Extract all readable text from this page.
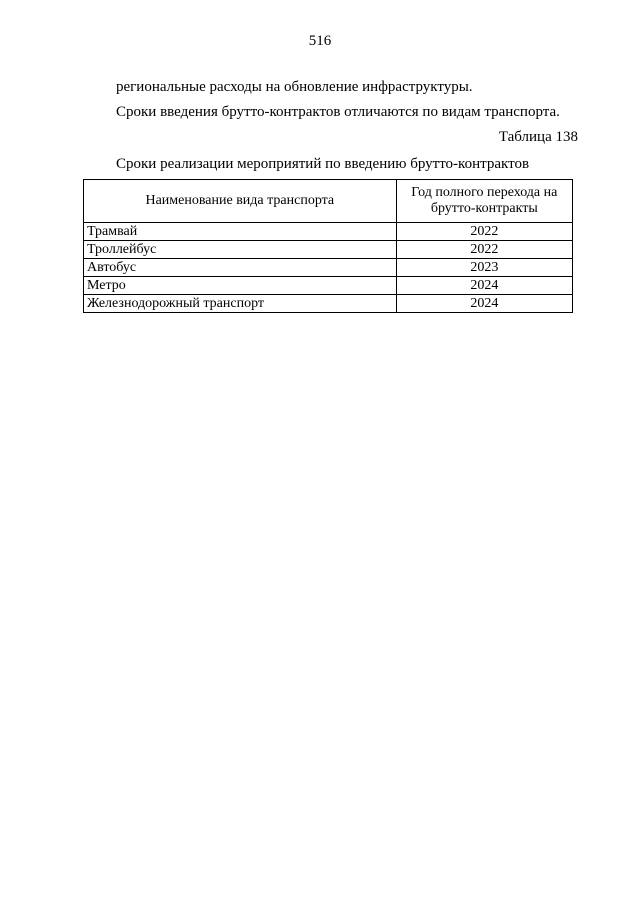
516
региональные расходы на обновление инфраструктуры.
Сроки введения брутто-контрактов отличаются по видам транспорта.
Таблица 138
Сроки реализации мероприятий по введению брутто-контрактов
Наименование вида транспорта	Год полного перехода на брутто-контракты
Трамвай	2022
Троллейбус	2022
Автобус	2023
Метро	2024
Железнодорожный транспорт	2024
